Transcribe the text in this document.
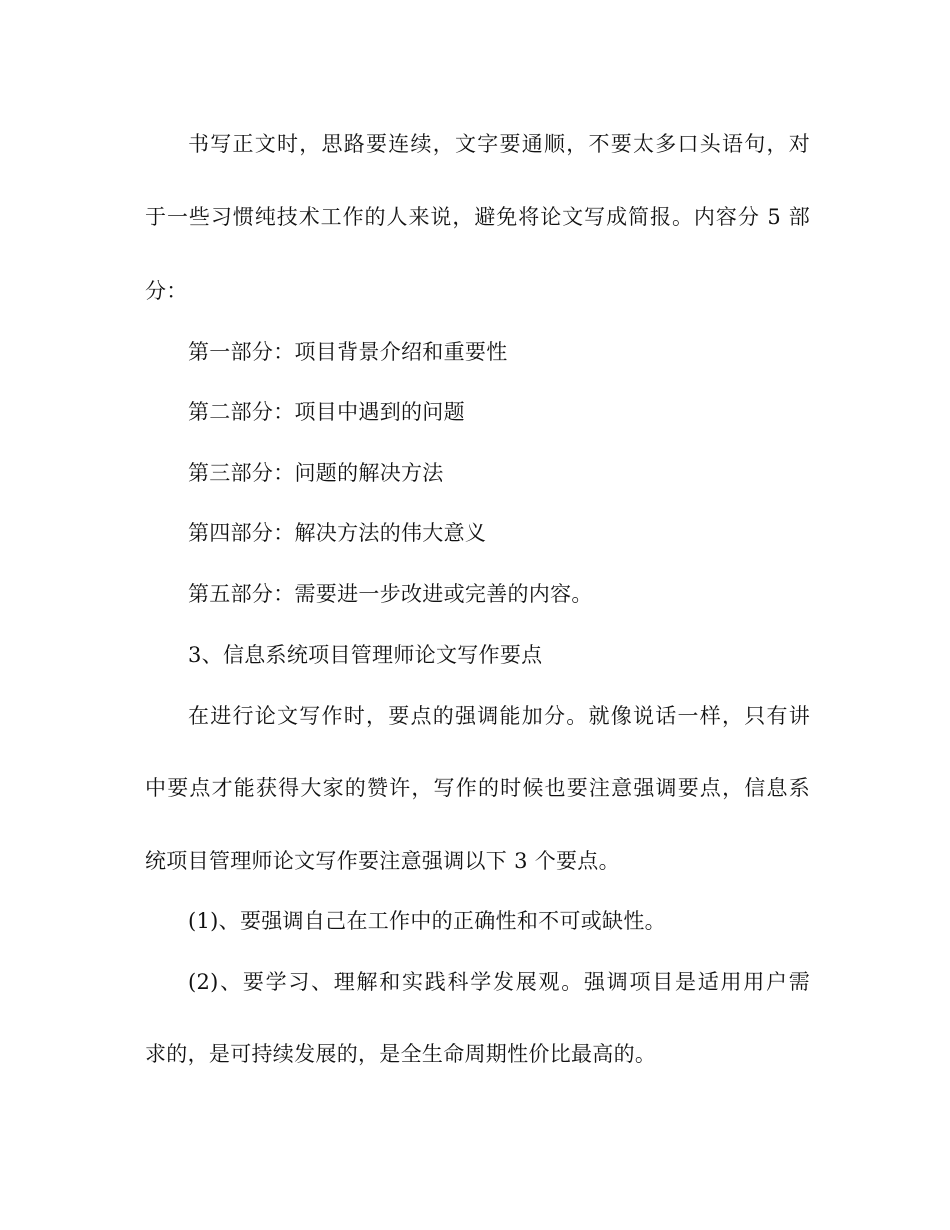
书写正文时，思路要连续，文字要通顺，不要太多口头语句，对
于一些习惯纯技术工作的人来说，避免将论文写成简报。内容分 5 部
分：
第一部分：项目背景介绍和重要性
第二部分：项目中遇到的问题
第三部分：问题的解决方法
第四部分：解决方法的伟大意义
第五部分：需要进一步改进或完善的内容。
3、信息系统项目管理师论文写作要点
在进行论文写作时，要点的强调能加分。就像说话一样，只有讲
中要点才能获得大家的赞许，写作的时候也要注意强调要点，信息系
统项目管理师论文写作要注意强调以下 3 个要点。
(1)、要强调自己在工作中的正确性和不可或缺性。
(2)、要学习、理解和实践科学发展观。强调项目是适用用户需
求的，是可持续发展的，是全生命周期性价比最高的。
